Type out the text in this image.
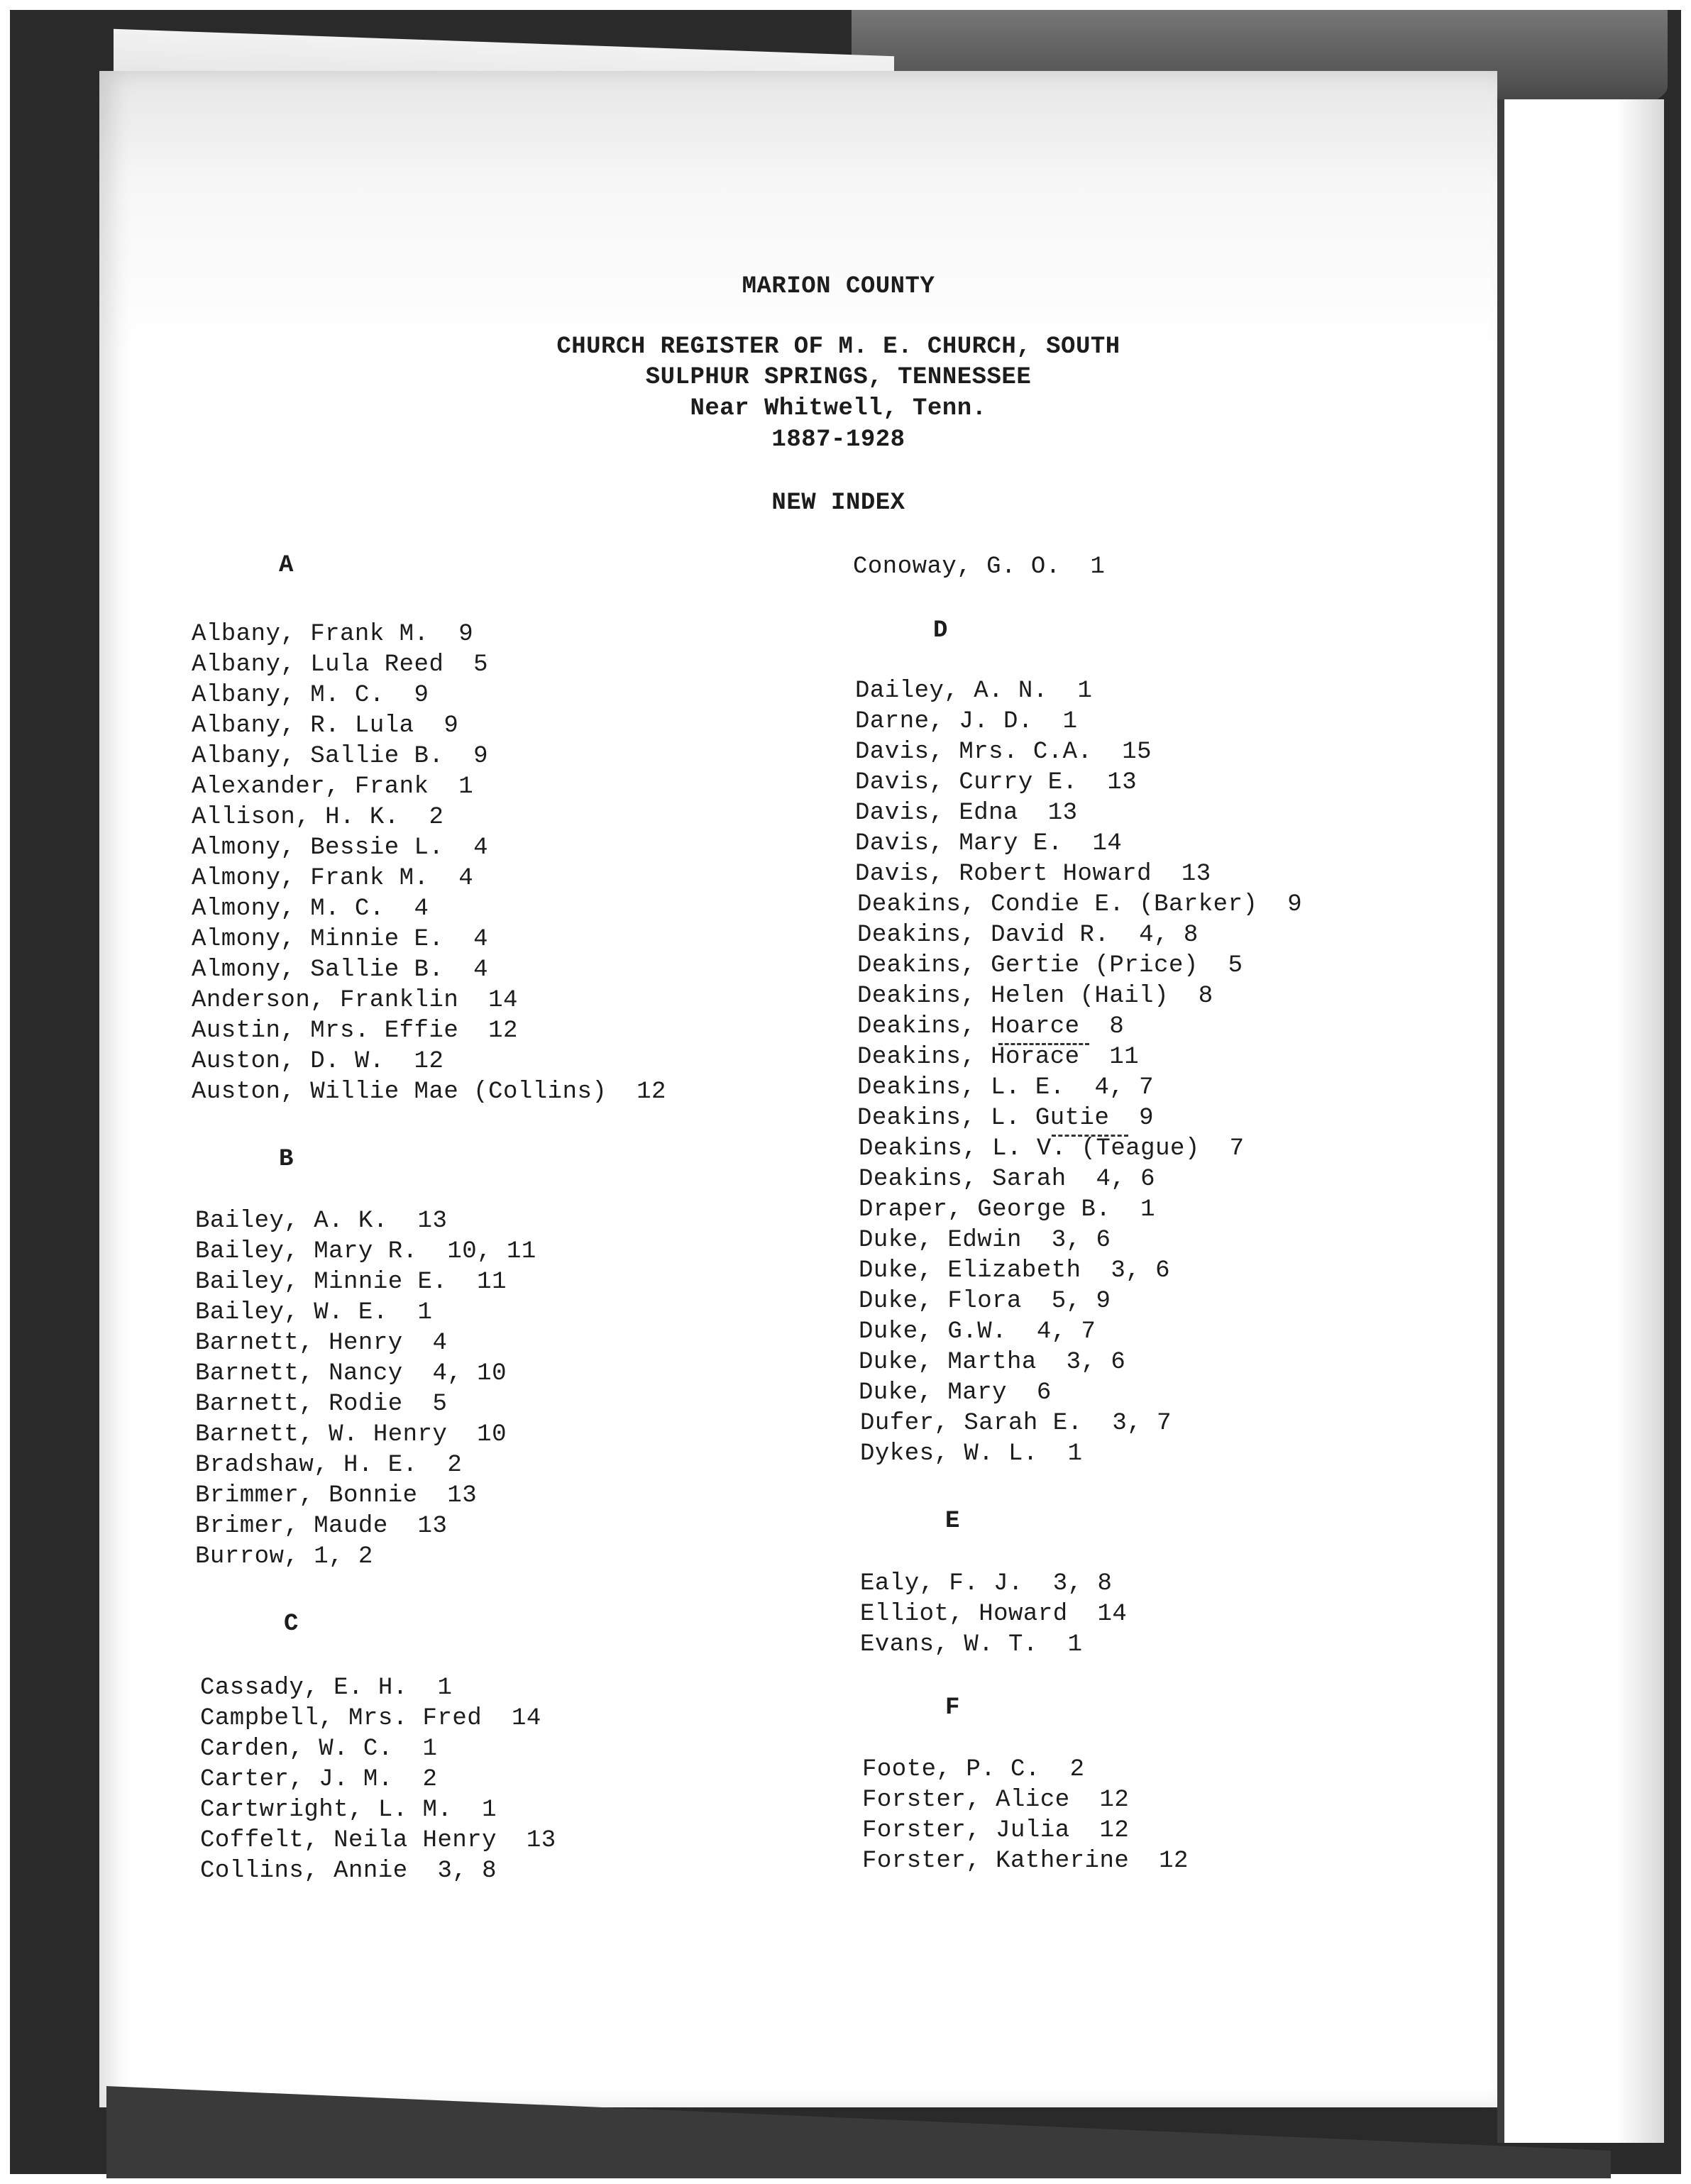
MARION COUNTY
CHURCH REGISTER OF M. E. CHURCH, SOUTH
SULPHUR SPRINGS, TENNESSEE
Near Whitwell, Tenn.
1887-1928
NEW INDEX
A
Albany, Frank M.  9
Albany, Lula Reed  5
Albany, M. C.  9
Albany, R. Lula  9
Albany, Sallie B.  9
Alexander, Frank  1
Allison, H. K.  2
Almony, Bessie L.  4
Almony, Frank M.  4
Almony, M. C.  4
Almony, Minnie E.  4
Almony, Sallie B.  4
Anderson, Franklin  14
Austin, Mrs. Effie  12
Auston, D. W.  12
Auston, Willie Mae (Collins)  12
B
Bailey, A. K.  13
Bailey, Mary R.  10, 11
Bailey, Minnie E.  11
Bailey, W. E.  1
Barnett, Henry  4
Barnett, Nancy  4, 10
Barnett, Rodie  5
Barnett, W. Henry  10
Bradshaw, H. E.  2
Brimmer, Bonnie  13
Brimer, Maude  13
Burrow, 1, 2
C
Cassady, E. H.  1
Campbell, Mrs. Fred  14
Carden, W. C.  1
Carter, J. M.  2
Cartwright, L. M.  1
Coffelt, Neila Henry  13
Collins, Annie  3, 8
Conoway, G. O.  1
D
Dailey, A. N.  1
Darne, J. D.  1
Davis, Mrs. C.A.  15
Davis, Curry E.  13
Davis, Edna  13
Davis, Mary E.  14
Davis, Robert Howard  13
Deakins, Condie E. (Barker)  9
Deakins, David R.  4, 8
Deakins, Gertie (Price)  5
Deakins, Helen (Hail)  8
Deakins, Hoarce  8
Deakins, Horace  11
Deakins, L. E.  4, 7
Deakins, L. Gutie  9
Deakins, L. V. (Teague)  7
Deakins, Sarah  4, 6
Draper, George B.  1
Duke, Edwin  3, 6
Duke, Elizabeth  3, 6
Duke, Flora  5, 9
Duke, G.W.  4, 7
Duke, Martha  3, 6
Duke, Mary  6
Dufer, Sarah E.  3, 7
Dykes, W. L.  1
E
Ealy, F. J.  3, 8
Elliot, Howard  14
Evans, W. T.  1
F
Foote, P. C.  2
Forster, Alice  12
Forster, Julia  12
Forster, Katherine  12
